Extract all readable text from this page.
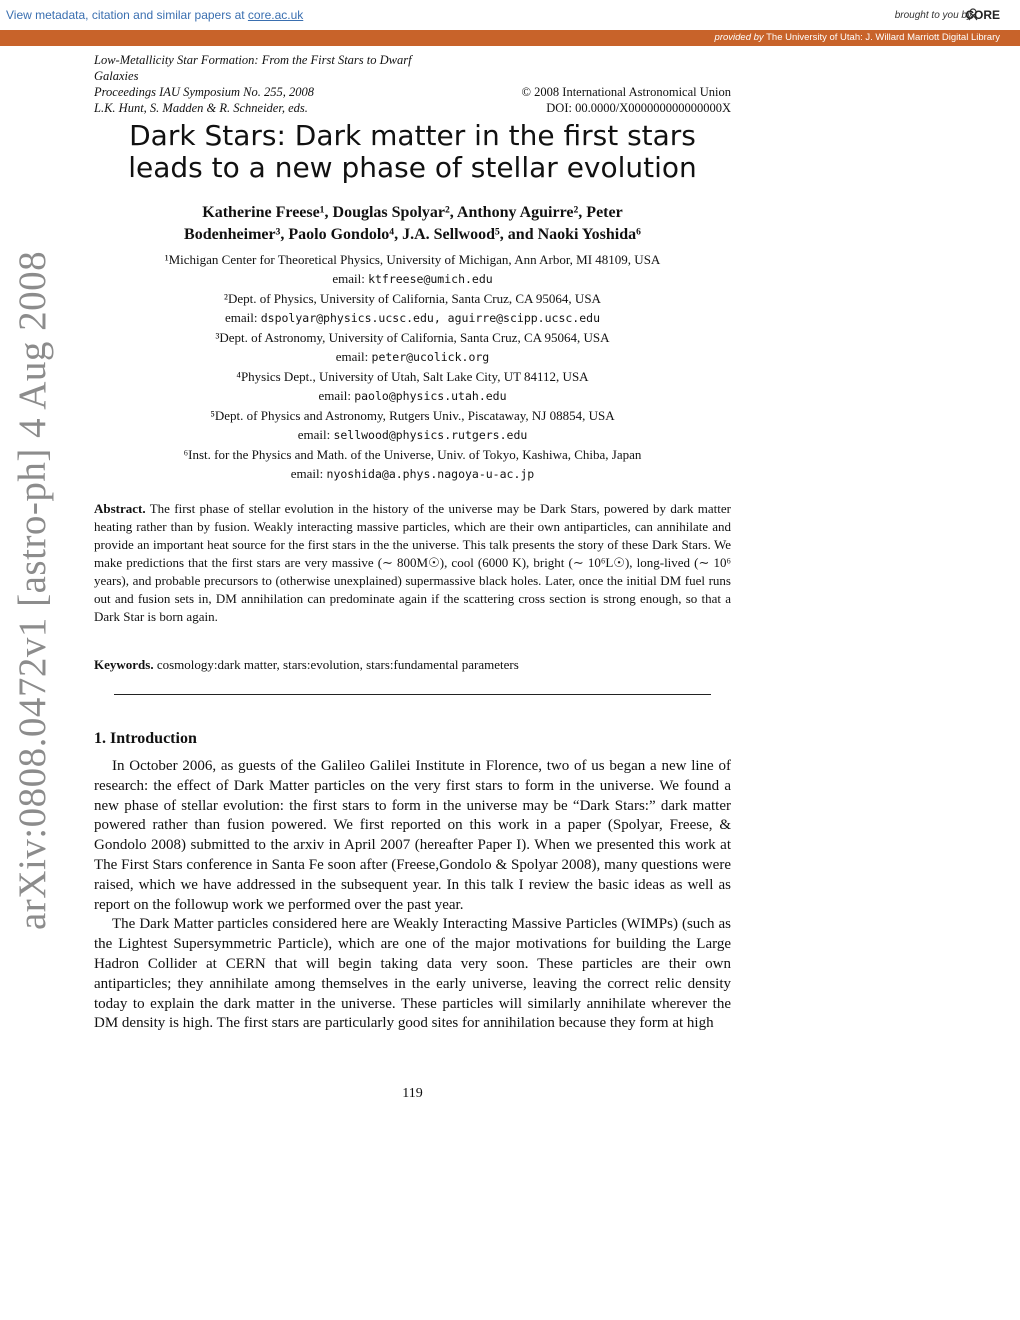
View metadata, citation and similar papers at core.ac.uk	brought to you by
CORE
provided by The University of Utah: J. Willard Marriott Digital Library
arXiv:0808.0472v1 [astro-ph] 4 Aug 2008
Low-Metallicity Star Formation: From the First Stars to Dwarf
Galaxies
Proceedings IAU Symposium No. 255, 2008	© 2008 International Astronomical Union
L.K. Hunt, S. Madden & R. Schneider, eds.	DOI: 00.0000/X000000000000000X
Dark Stars: Dark matter in the first stars
leads to a new phase of stellar evolution
Katherine Freese¹, Douglas Spolyar², Anthony Aguirre², Peter
Bodenheimer³, Paolo Gondolo⁴, J.A. Sellwood⁵, and Naoki Yoshida⁶
¹Michigan Center for Theoretical Physics, University of Michigan, Ann Arbor, MI 48109, USA
email: ktfreese@umich.edu
²Dept. of Physics, University of California, Santa Cruz, CA 95064, USA
email: dspolyar@physics.ucsc.edu, aguirre@scipp.ucsc.edu
³Dept. of Astronomy, University of California, Santa Cruz, CA 95064, USA
email: peter@ucolick.org
⁴Physics Dept., University of Utah, Salt Lake City, UT 84112, USA
email: paolo@physics.utah.edu
⁵Dept. of Physics and Astronomy, Rutgers Univ., Piscataway, NJ 08854, USA
email: sellwood@physics.rutgers.edu
⁶Inst. for the Physics and Math. of the Universe, Univ. of Tokyo, Kashiwa, Chiba, Japan
email: nyoshida@a.phys.nagoya-u-ac.jp
Abstract. The first phase of stellar evolution in the history of the universe may be Dark Stars, powered by dark matter heating rather than by fusion. Weakly interacting massive particles, which are their own antiparticles, can annihilate and provide an important heat source for the first stars in the the universe. This talk presents the story of these Dark Stars. We make predictions that the first stars are very massive (∼ 800M☉), cool (6000 K), bright (∼ 10⁶L☉), long-lived (∼ 10⁶ years), and probable precursors to (otherwise unexplained) supermassive black holes. Later, once the initial DM fuel runs out and fusion sets in, DM annihilation can predominate again if the scattering cross section is strong enough, so that a Dark Star is born again.
Keywords. cosmology:dark matter, stars:evolution, stars:fundamental parameters
1. Introduction

In October 2006, as guests of the Galileo Galilei Institute in Florence, two of us began a new line of research: the effect of Dark Matter particles on the very first stars to form in the universe. We found a new phase of stellar evolution: the first stars to form in the universe may be “Dark Stars:” dark matter powered rather than fusion powered. We first reported on this work in a paper (Spolyar, Freese, & Gondolo 2008) submitted to the arxiv in April 2007 (hereafter Paper I). When we presented this work at The First Stars conference in Santa Fe soon after (Freese,Gondolo & Spolyar 2008), many questions were raised, which we have addressed in the subsequent year. In this talk I review the basic ideas as well as report on the followup work we performed over the past year.

The Dark Matter particles considered here are Weakly Interacting Massive Particles (WIMPs) (such as the Lightest Supersymmetric Particle), which are one of the major motivations for building the Large Hadron Collider at CERN that will begin taking data very soon. These particles are their own antiparticles; they annihilate among themselves in the early universe, leaving the correct relic density today to explain the dark matter in the universe. These particles will similarly annihilate wherever the DM density is high. The first stars are particularly good sites for annihilation because they form at high

119
